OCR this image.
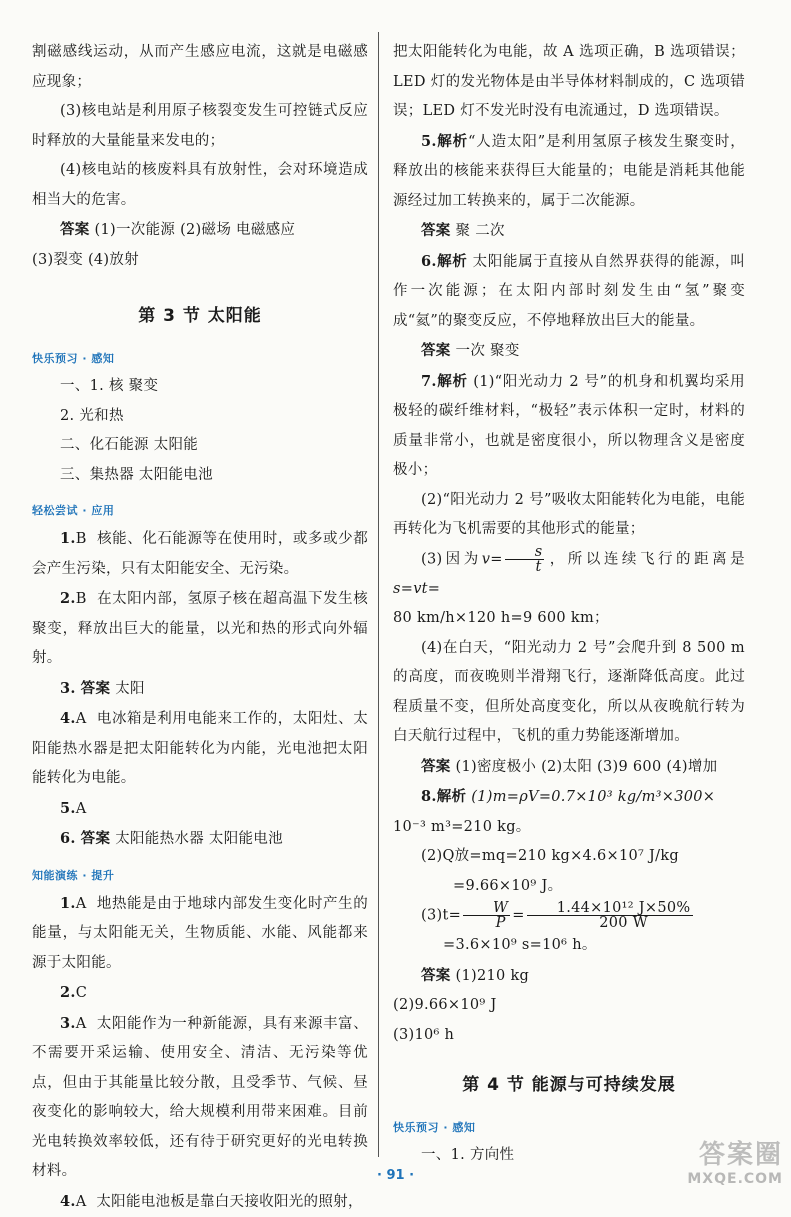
割磁感线运动，从而产生感应电流，这就是电磁感应现象；

(3)核电站是利用原子核裂变发生可控链式反应时释放的大量能量来发电的；

(4)核电站的核废料具有放射性，会对环境造成相当大的危害。

答案 (1)一次能源 (2)磁场 电磁感应

(3)裂变 (4)放射

第 3 节 太阳能
快乐预习 · 感知

一、1. 核 聚变

2. 光和热

二、化石能源 太阳能

三、集热器 太阳能电池

轻松尝试 · 应用

1.B 核能、化石能源等在使用时，或多或少都会产生污染，只有太阳能安全、无污染。

2.B 在太阳内部，氢原子核在超高温下发生核聚变，释放出巨大的能量，以光和热的形式向外辐射。

3. 答案 太阳

4.A 电冰箱是利用电能来工作的，太阳灶、太阳能热水器是把太阳能转化为内能，光电池把太阳能转化为电能。

5.A

6. 答案 太阳能热水器 太阳能电池

知能演练 · 提升

1.A 地热能是由于地球内部发生变化时产生的能量，与太阳能无关，生物质能、水能、风能都来源于太阳能。

2.C

3.A 太阳能作为一种新能源，具有来源丰富、不需要开采运输、使用安全、清洁、无污染等优点，但由于其能量比较分散，且受季节、气候、昼夜变化的影响较大，给大规模利用带来困难。目前光电转换效率较低，还有待于研究更好的光电转换材料。

4.A 太阳能电池板是靠白天接收阳光的照射，

把太阳能转化为电能，故 A 选项正确，B 选项错误；LED 灯的发光物体是由半导体材料制成的，C 选项错误；LED 灯不发光时没有电流通过，D 选项错误。

5.解析“人造太阳”是利用氢原子核发生聚变时，释放出的核能来获得巨大能量的；电能是消耗其他能源经过加工转换来的，属于二次能源。

答案 聚 二次

6.解析 太阳能属于直接从自然界获得的能源，叫作一次能源；在太阳内部时刻发生由“氢”聚变成“氦”的聚变反应，不停地释放出巨大的能量。

答案 一次 聚变

7.解析 (1)“阳光动力 2 号”的机身和机翼均采用极轻的碳纤维材料，“极轻”表示体积一定时，材料的质量非常小，也就是密度很小，所以物理含义是密度极小；

(2)“阳光动力 2 号”吸收太阳能转化为电能，电能再转化为飞机需要的其他形式的能量；

(3)因为$v= \frac{s}{t}$ ，所以连续飞行的距离是s=vt=

80 km/h×120 h=9 600 km；

(4)在白天，“阳光动力 2 号”会爬升到 8 500 m 的高度，而夜晚则半滑翔飞行，逐渐降低高度。此过程质量不变，但所处高度变化，所以从夜晚航行转为白天航行过程中，飞机的重力势能逐渐增加。

答案 (1)密度极小 (2)太阳 (3)9 600 (4)增加

8.解析 (1)m=ρV=0.7×10³ kg/m³×300×

10⁻³ m³=210 kg。

(2)Q放=mq=210 kg×4.6×10⁷ J/kg

=9.66×10⁹ J。

$(3)t= \frac{W}{P} = \frac{\text{1.44×10¹² J×50\%}}{200 W}$

=3.6×10⁹ s=10⁶ h。

答案 (1)210 kg

(2)9.66×10⁹ J

(3)10⁶ h

第 4 节 能源与可持续发展
快乐预习 · 感知

一、1. 方向性

· 91 ·
答案圈
MXQE.COM
